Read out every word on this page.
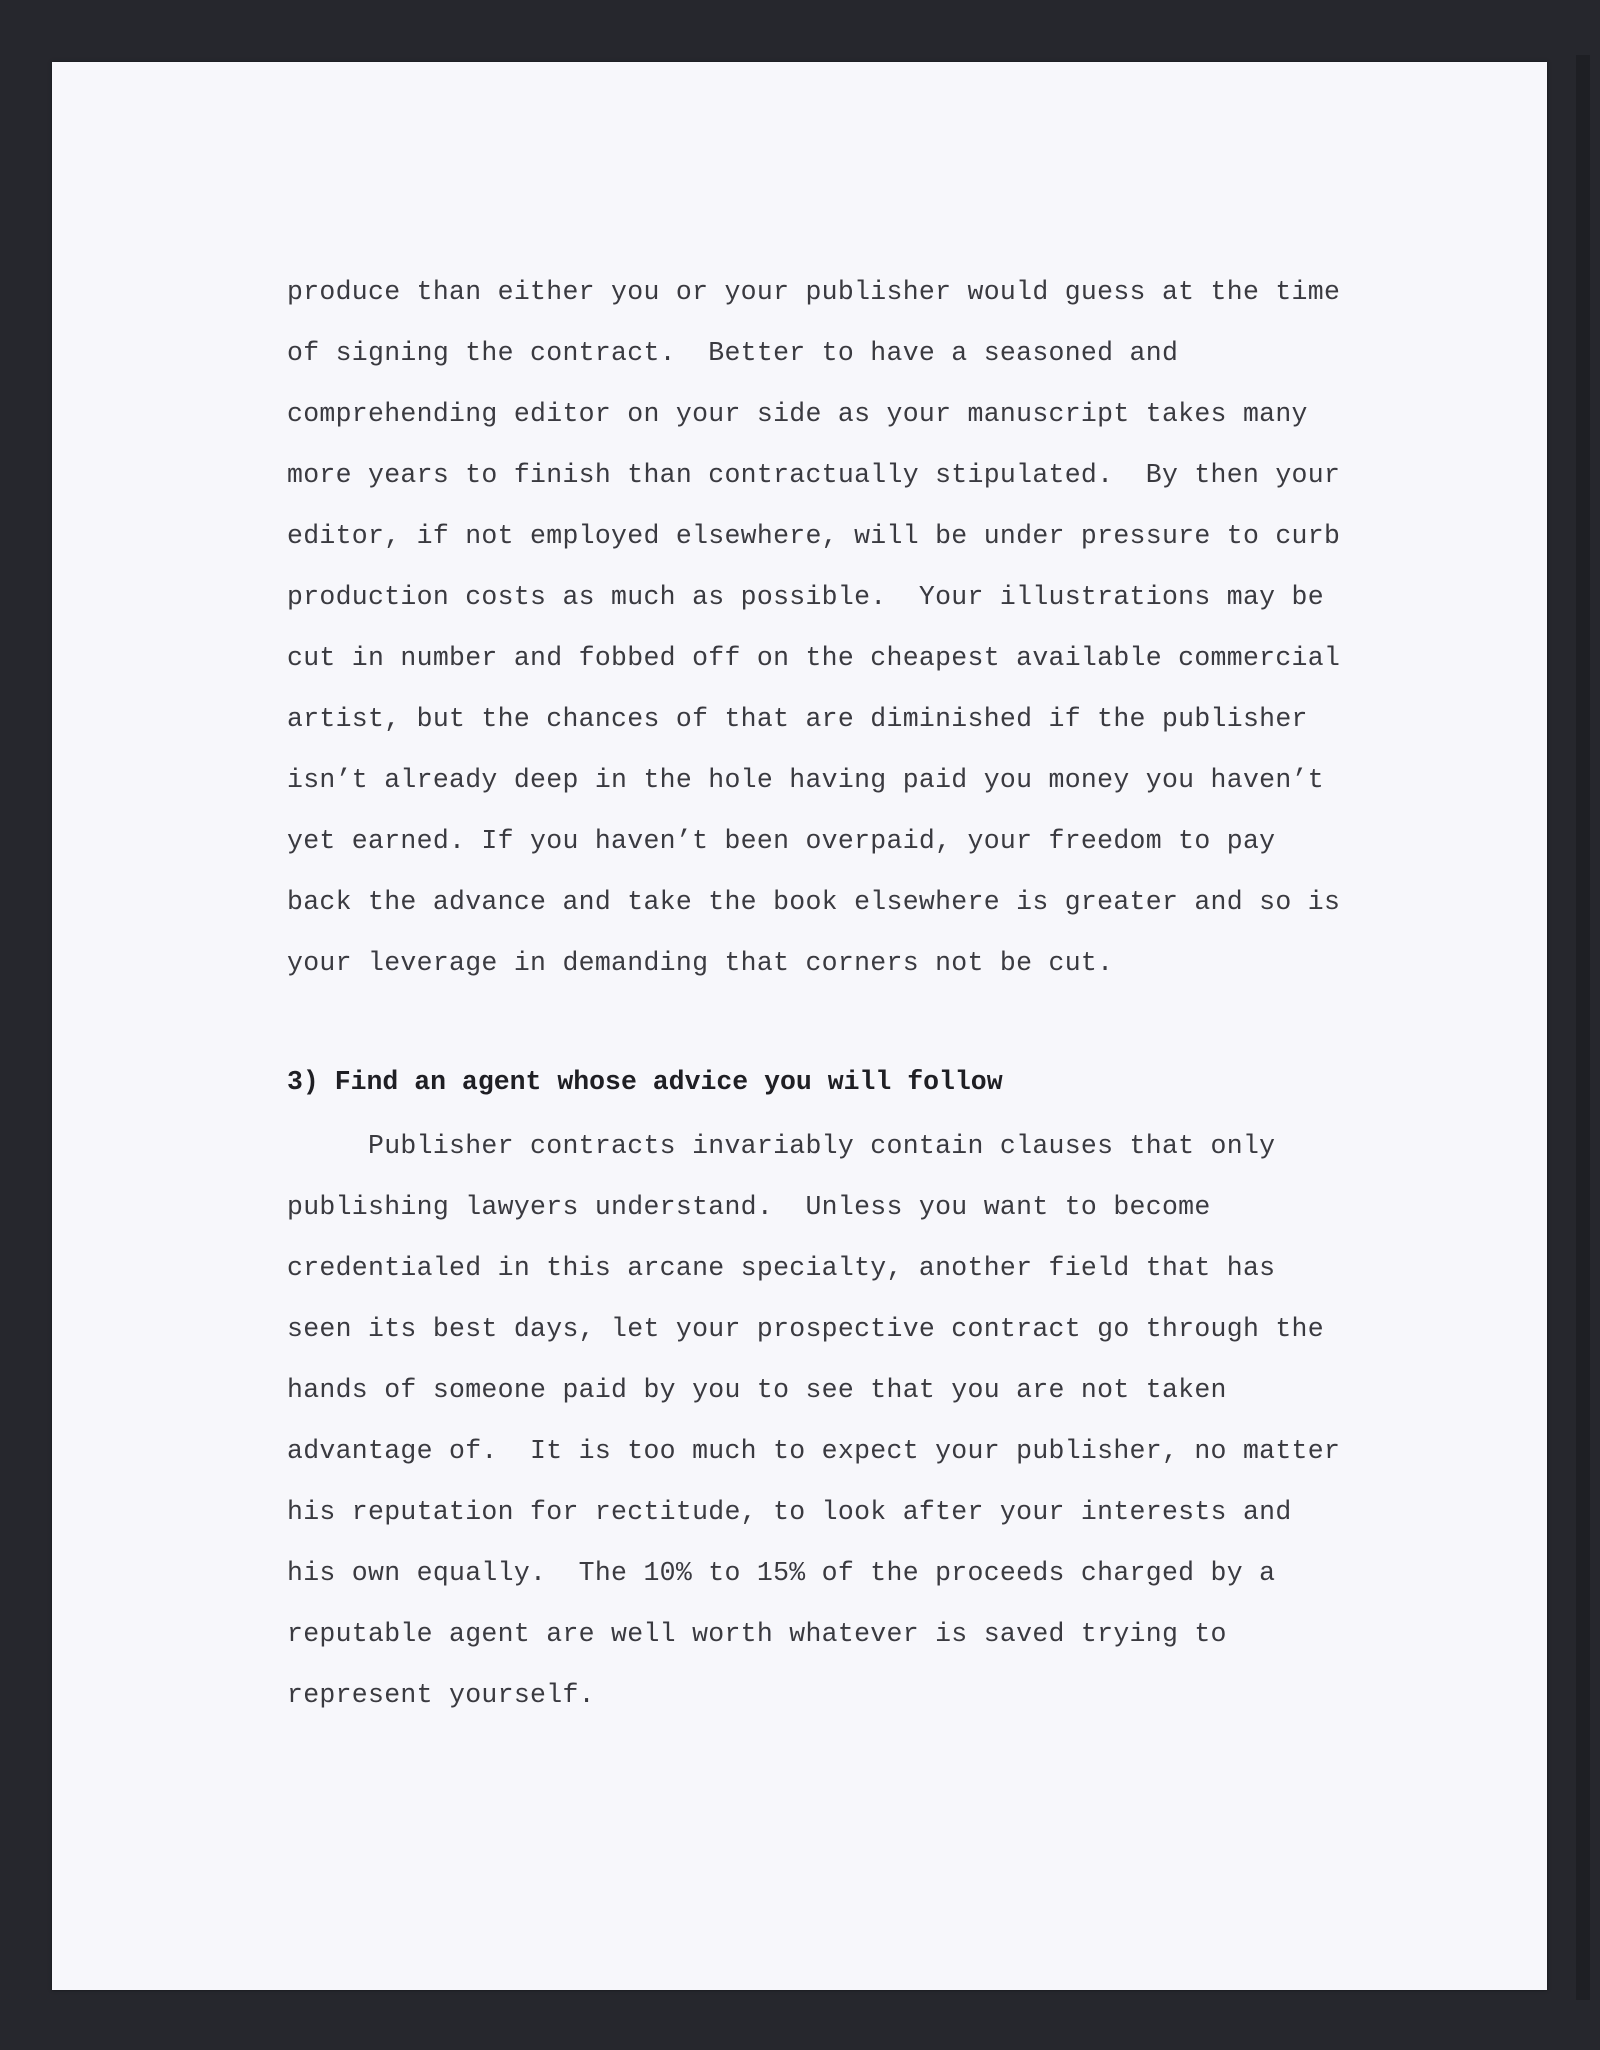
produce than either you or your publisher would guess at the time
of signing the contract.  Better to have a seasoned and
comprehending editor on your side as your manuscript takes many
more years to finish than contractually stipulated.  By then your
editor, if not employed elsewhere, will be under pressure to curb
production costs as much as possible.  Your illustrations may be
cut in number and fobbed off on the cheapest available commercial
artist, but the chances of that are diminished if the publisher
isn’t already deep in the hole having paid you money you haven’t
yet earned. If you haven’t been overpaid, your freedom to pay
back the advance and take the book elsewhere is greater and so is
your leverage in demanding that corners not be cut.
3) Find an agent whose advice you will follow
Publisher contracts invariably contain clauses that only
publishing lawyers understand.  Unless you want to become
credentialed in this arcane specialty, another field that has
seen its best days, let your prospective contract go through the
hands of someone paid by you to see that you are not taken
advantage of.  It is too much to expect your publisher, no matter
his reputation for rectitude, to look after your interests and
his own equally.  The 10% to 15% of the proceeds charged by a
reputable agent are well worth whatever is saved trying to
represent yourself.
